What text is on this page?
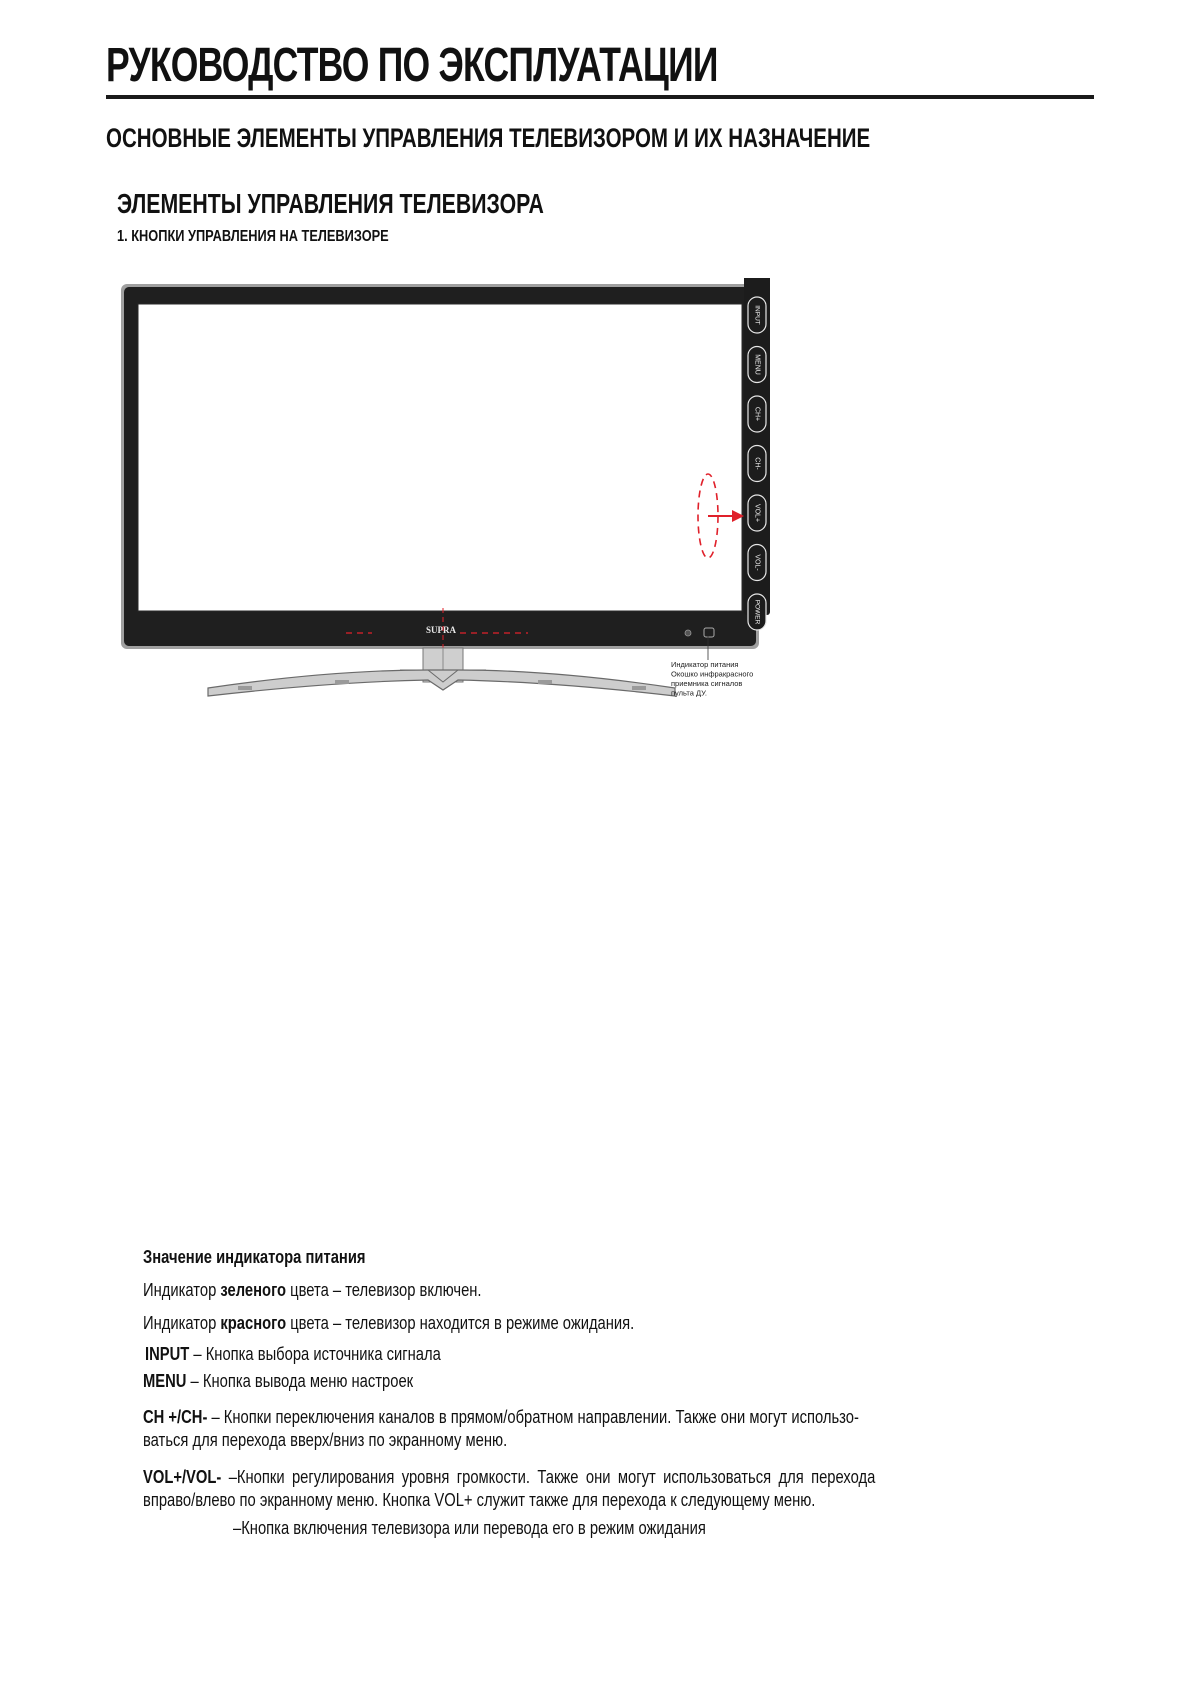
РУКОВОДСТВО ПО ЭКСПЛУАТАЦИИ
ОСНОВНЫЕ ЭЛЕМЕНТЫ УПРАВЛЕНИЯ ТЕЛЕВИЗОРОМ И ИХ НАЗНАЧЕНИЕ
ЭЛЕМЕНТЫ УПРАВЛЕНИЯ ТЕЛЕВИЗОРА
1. КНОПКИ УПРАВЛЕНИЯ НА ТЕЛЕВИЗОРЕ
SUPRA
INPUT
MENU
CH+
CH-
VOL+
VOL-
POWER
Индикатор питания
Окошко инфракрасного
приемника сигналов
пульта ДУ.
Значение индикатора питания
Индикатор зеленого цвета – телевизор включен.
Индикатор красного цвета – телевизор находится в режиме ожидания.
INPUT – Кнопка выбора источника сигнала
MENU – Кнопка вывода меню настроек
CH +/CH- – Кнопки переключения каналов в прямом/обратном направлении. Также они могут использо-
ваться для перехода вверх/вниз по экранному меню.
VOL+/VOL- –Кнопки регулирования уровня громкости. Также они могут использоваться для перехода
вправо/влево по экранному меню. Кнопка VOL+ служит также для перехода к следующему меню.
–Кнопка включения телевизора или перевода его в режим ожидания
